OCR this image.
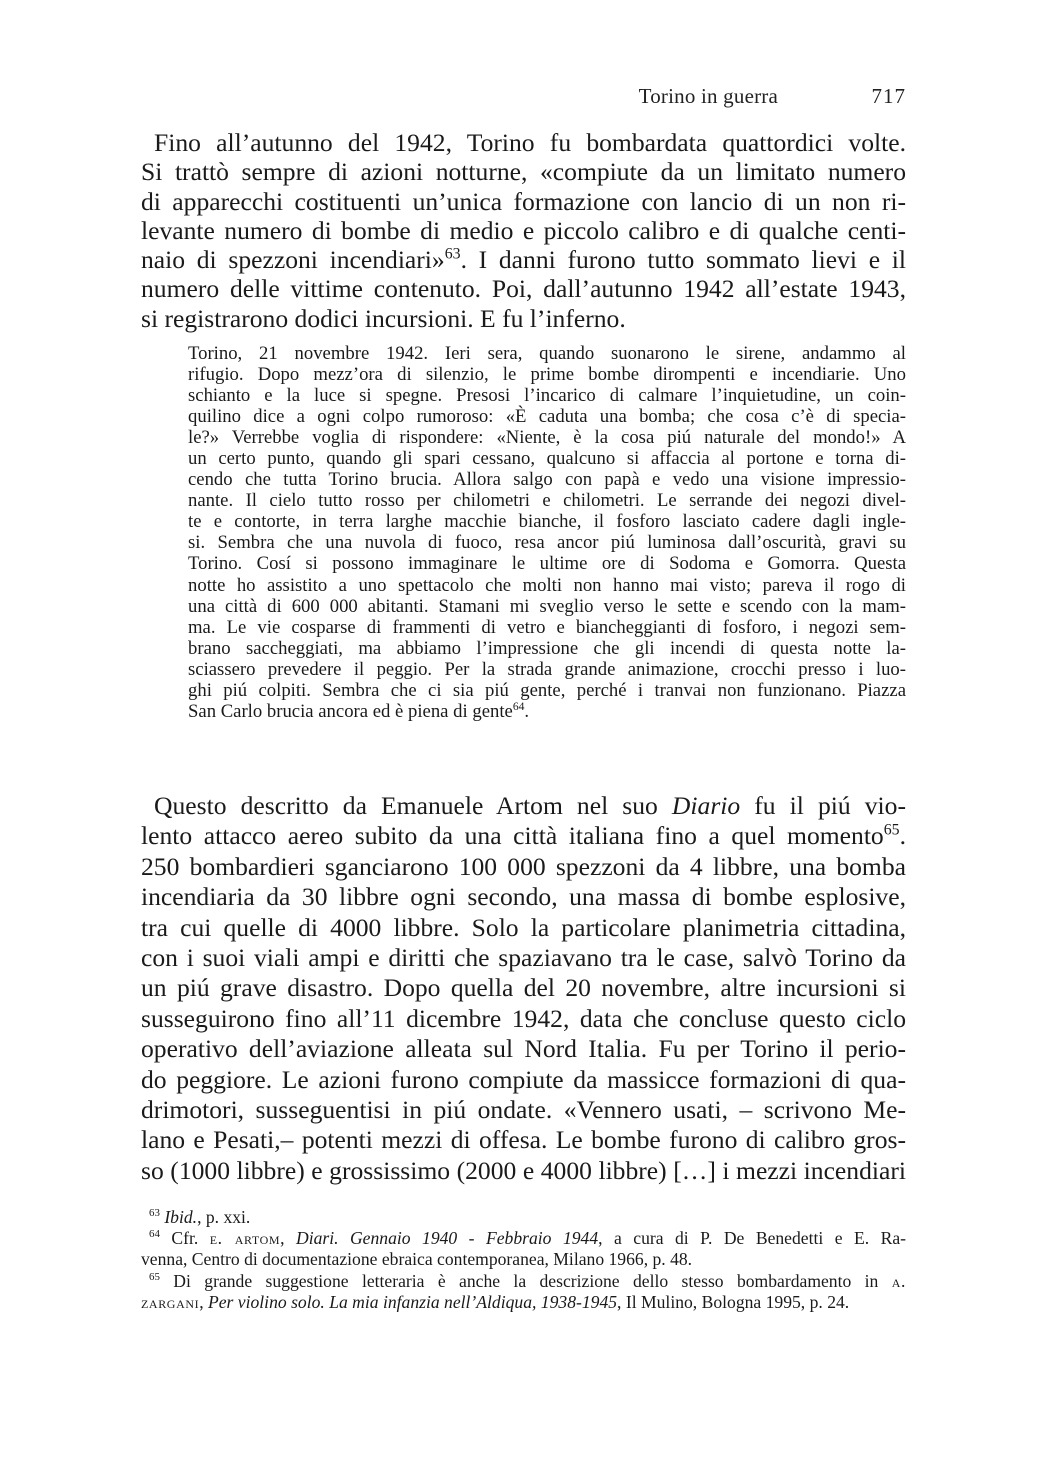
Torino in guerra	717
Fino all’autunno del 1942, Torino fu bombardata quattordici volte.
Si trattò sempre di azioni notturne, «compiute da un limitato numero
di apparecchi costituenti un’unica formazione con lancio di un non ri-
levante numero di bombe di medio e piccolo calibro e di qualche centi-
naio di spezzoni incendiari»$^{63}$. I danni furono tutto sommato lievi e il
numero delle vittime contenuto. Poi, dall’autunno 1942 all’estate 1943,
si registrarono dodici incursioni. E fu l’inferno.
Torino, 21 novembre 1942. Ieri sera, quando suonarono le sirene, andammo al
rifugio. Dopo mezz’ora di silenzio, le prime bombe dirompenti e incendiarie. Uno
schianto e la luce si spegne. Presosi l’incarico di calmare l’inquietudine, un coin-
quilino dice a ogni colpo rumoroso: «È caduta una bomba; che cosa c’è di specia-
le?» Verrebbe voglia di rispondere: «Niente, è la cosa piú naturale del mondo!» A
un certo punto, quando gli spari cessano, qualcuno si affaccia al portone e torna di-
cendo che tutta Torino brucia. Allora salgo con papà e vedo una visione impressio-
nante. Il cielo tutto rosso per chilometri e chilometri. Le serrande dei negozi divel-
te e contorte, in terra larghe macchie bianche, il fosforo lasciato cadere dagli ingle-
si. Sembra che una nuvola di fuoco, resa ancor piú luminosa dall’oscurità, gravi su
Torino. Cosí si possono immaginare le ultime ore di Sodoma e Gomorra. Questa
notte ho assistito a uno spettacolo che molti non hanno mai visto; pareva il rogo di
una città di 600 000 abitanti. Stamani mi sveglio verso le sette e scendo con la mam-
ma. Le vie cosparse di frammenti di vetro e biancheggianti di fosforo, i negozi sem-
brano saccheggiati, ma abbiamo l’impressione che gli incendi di questa notte la-
sciassero prevedere il peggio. Per la strada grande animazione, crocchi presso i luo-
ghi piú colpiti. Sembra che ci sia piú gente, perché i tranvai non funzionano. Piazza
San Carlo brucia ancora ed è piena di gente$^{64}$.
Questo descritto da Emanuele Artom nel suo Diario fu il piú vio-
lento attacco aereo subito da una città italiana fino a quel momento$^{65}$.
250 bombardieri sganciarono 100 000 spezzoni da 4 libbre, una bomba
incendiaria da 30 libbre ogni secondo, una massa di bombe esplosive,
tra cui quelle di 4000 libbre. Solo la particolare planimetria cittadina,
con i suoi viali ampi e diritti che spaziavano tra le case, salvò Torino da
un piú grave disastro. Dopo quella del 20 novembre, altre incursioni si
susseguirono fino all’11 dicembre 1942, data che concluse questo ciclo
operativo dell’aviazione alleata sul Nord Italia. Fu per Torino il perio-
do peggiore. Le azioni furono compiute da massicce formazioni di qua-
drimotori, susseguentisi in piú ondate. «Vennero usati, – scrivono Me-
lano e Pesati,– potenti mezzi di offesa. Le bombe furono di calibro gros-
so (1000 libbre) e grossissimo (2000 e 4000 libbre) […] i mezzi incendiari
$^{63}$ Ibid., p. xxi.
$^{64}$ Cfr. e. artom, Diari. Gennaio 1940 - Febbraio 1944, a cura di P. De Benedetti e E. Ra-
venna, Centro di documentazione ebraica contemporanea, Milano 1966, p. 48.
$^{65}$ Di grande suggestione letteraria è anche la descrizione dello stesso bombardamento in a.
zargani, Per violino solo. La mia infanzia nell’Aldiqua, 1938-1945, Il Mulino, Bologna 1995, p. 24.
